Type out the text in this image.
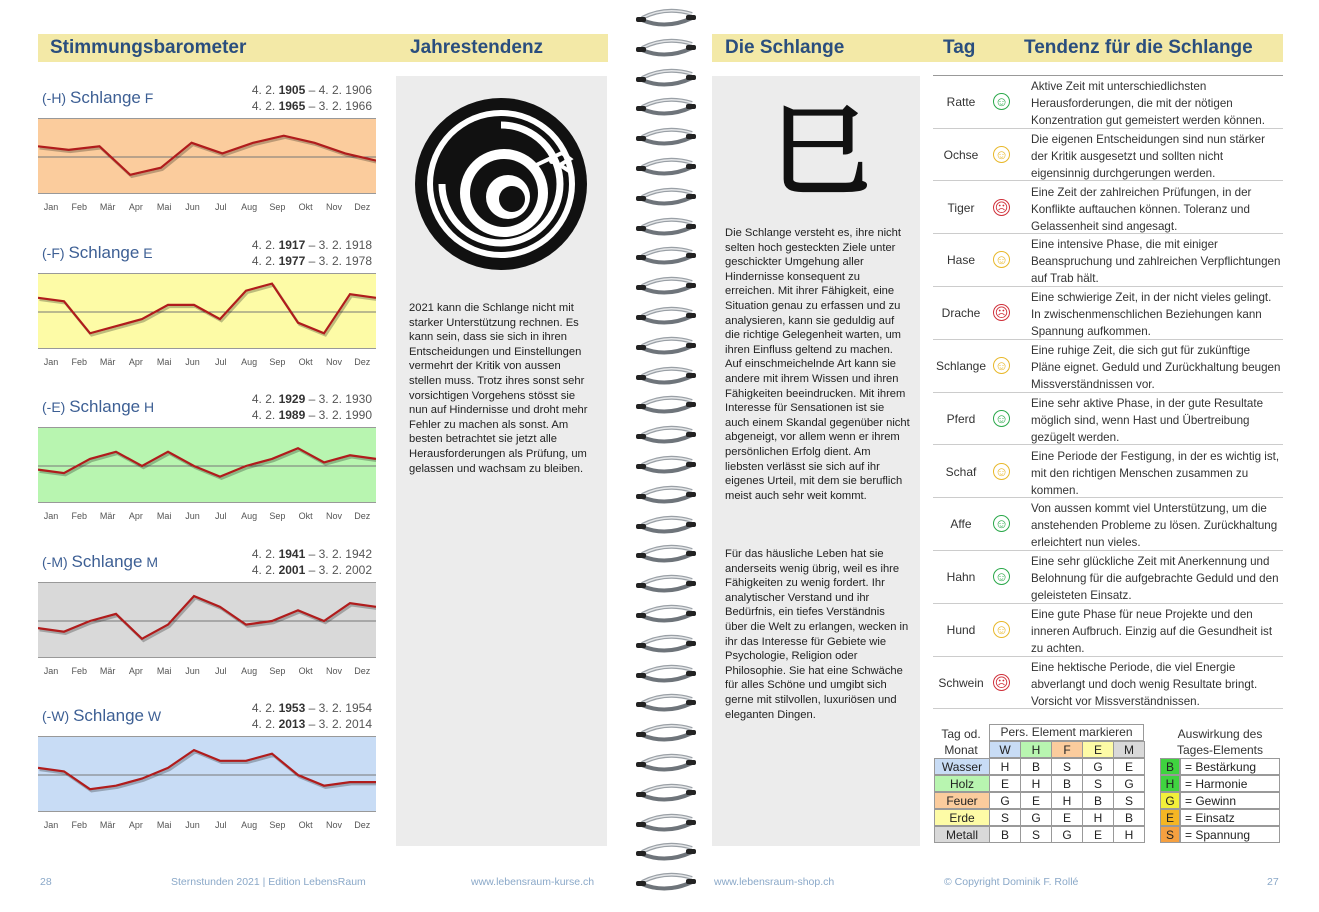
Stimmungsbarometer	Jahrestendenz
(-H) Schlange F	4. 2. 1905 – 4. 2. 1906
4. 2. 1965 – 3. 2. 1966
Jan Feb Mär Apr Mai Jun Jul Aug Sep Okt Nov Dez
(-F) Schlange E	4. 2. 1917 – 3. 2. 1918
4. 2. 1977 – 3. 2. 1978
Jan Feb Mär Apr Mai Jun Jul Aug Sep Okt Nov Dez
(-E) Schlange H	4. 2. 1929 – 3. 2. 1930
4. 2. 1989 – 3. 2. 1990
Jan Feb Mär Apr Mai Jun Jul Aug Sep Okt Nov Dez
(-M) Schlange M	4. 2. 1941 – 3. 2. 1942
4. 2. 2001 – 3. 2. 2002
Jan Feb Mär Apr Mai Jun Jul Aug Sep Okt Nov Dez
(-W) Schlange W	4. 2. 1953 – 3. 2. 1954
4. 2. 2013 – 3. 2. 2014
Jan Feb Mär Apr Mai Jun Jul Aug Sep Okt Nov Dez
2021 kann die Schlange nicht mit starker Unterstützung rechnen. Es kann sein, dass sie sich in ihren Entscheidungen und Einstellungen vermehrt der Kritik von aussen stellen muss. Trotz ihres sonst sehr vorsichtigen Vorgehens stösst sie nun auf Hindernisse und droht mehr Fehler zu machen als sonst. Am besten betrachtet sie jetzt alle Herausforderungen als Prüfung, um gelassen und wachsam zu bleiben.
Die Schlange	Tag	Tendenz für die Schlange
巳
Die Schlange versteht es, ihre nicht selten hoch gesteckten Ziele unter geschickter Umgehung aller Hindernisse konsequent zu erreichen. Mit ihrer Fähigkeit, eine Situation genau zu erfassen und zu analysieren, kann sie geduldig auf die richtige Gelegenheit warten, um ihren Einfluss geltend zu machen. Auf einschmeichelnde Art kann sie andere mit ihrem Wissen und ihren Fähigkeiten beeindrucken. Mit ihrem Interesse für Sensationen ist sie auch einem Skandal gegenüber nicht abgeneigt, vor allem wenn er ihrem persönlichen Erfolg dient. Am liebsten verlässt sie sich auf ihr eigenes Urteil, mit dem sie beruflich meist auch sehr weit kommt.
Für das häusliche Leben hat sie anderseits wenig übrig, weil es ihre Fähigkeiten zu wenig fordert. Ihr analytischer Verstand und ihr Bedürfnis, ein tiefes Verständnis über die Welt zu erlangen, wecken in ihr das Interesse für Gebiete wie Psychologie, Religion oder Philosophie. Sie hat eine Schwäche für alles Schöne und umgibt sich gerne mit stilvollen, luxuriösen und eleganten Dingen.
Ratte	☺
Aktive Zeit mit unterschiedlichsten Herausforderungen, die mit der nötigen Konzentration gut gemeistert werden können.
Ochse	☺
Die eigenen Entscheidungen sind nun stärker der Kritik ausgesetzt und sollten nicht eigensinnig durchgerungen werden.
Tiger	☹
Eine Zeit der zahlreichen Prüfungen, in der Konflikte auftauchen können. Toleranz und Gelassenheit sind angesagt.
Hase	☺
Eine intensive Phase, die mit einiger Beanspruchung und zahlreichen Verpflichtungen auf Trab hält.
Drache	☹
Eine schwierige Zeit, in der nicht vieles gelingt. In zwischenmenschlichen Beziehungen kann Spannung aufkommen.
Schlange ☺
Eine ruhige Zeit, die sich gut für zukünftige Pläne eignet. Geduld und Zurückhaltung beugen Missverständnissen vor.
Pferd	☺
Eine sehr aktive Phase, in der gute Resultate möglich sind, wenn Hast und Übertreibung gezügelt werden.
Schaf	☺
Eine Periode der Festigung, in der es wichtig ist, mit den richtigen Menschen zusammen zu kommen.
Affe	☺
Von aussen kommt viel Unterstützung, um die anstehenden Probleme zu lösen. Zurückhaltung erleichtert nun vieles.
Hahn	☺
Eine sehr glückliche Zeit mit Anerkennung und Belohnung für die aufgebrachte Geduld und den geleisteten Einsatz.
Hund	☺
Eine gute Phase für neue Projekte und den inneren Aufbruch. Einzig auf die Gesundheit ist zu achten.
Schwein ☹
Eine hektische Periode, die viel Energie abverlangt und doch wenig Resultate bringt. Vorsicht vor Missverständnissen.
Tag od.
Monat
Pers. Element markieren	Auswirkung des
Tages-Elements
W	H	F	E	M
Wasser	H	B	S	G	E
Holz	E	H	B	S	G
Feuer	G	E	H	B	S
Erde	S	G	E	H	B
Metall	B	S	G	E	H
B = Bestärkung
H = Harmonie
G = Gewinn
E = Einsatz
S = Spannung
28	Sternstunden 2021 | Edition LebensRaum	www.lebensraum-kurse.ch	www.lebensraum-shop.ch	© Copyright Dominik F. Rollé	27
